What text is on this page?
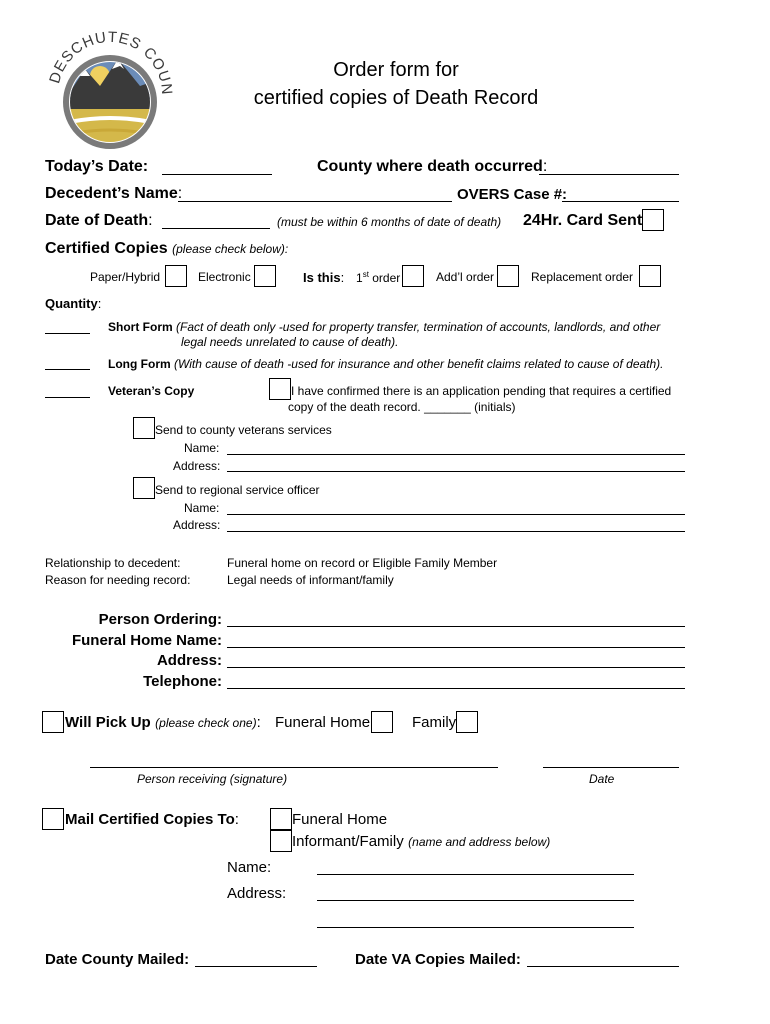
DESCHUTES COUN
Order form for
certified copies of Death Record
Today’s Date:	County where death occurred:
Decedent’s Name:	OVERS Case #:
Date of Death:	(must be within 6 months of date of death) 24Hr. Card Sent
Certified Copies (please check below):
Paper/Hybrid	Electronic	Is this: 1st order	Add’l order	Replacement order
Quantity:
Short Form (Fact of death only -used for property transfer, termination of accounts, landlords, and other
legal needs unrelated to cause of death).
Long Form (With cause of death -used for insurance and other benefit claims related to cause of death).
Veteran’s Copy	I have confirmed there is an application pending that requires a certified
copy of the death record. _______ (initials)
Send to county veterans services
Name:
Address:
Send to regional service officer
Name:
Address:
Relationship to decedent:	Funeral home on record or Eligible Family Member
Reason for needing record:	Legal needs of informant/family
Person Ordering:
Funeral Home Name:
Address:
Telephone:
Will Pick Up (please check one): Funeral Home	Family
Person receiving (signature)	Date
Mail Certified Copies To:	Funeral Home
Informant/Family (name and address below)
Name:
Address:
Date County Mailed:	Date VA Copies Mailed:
